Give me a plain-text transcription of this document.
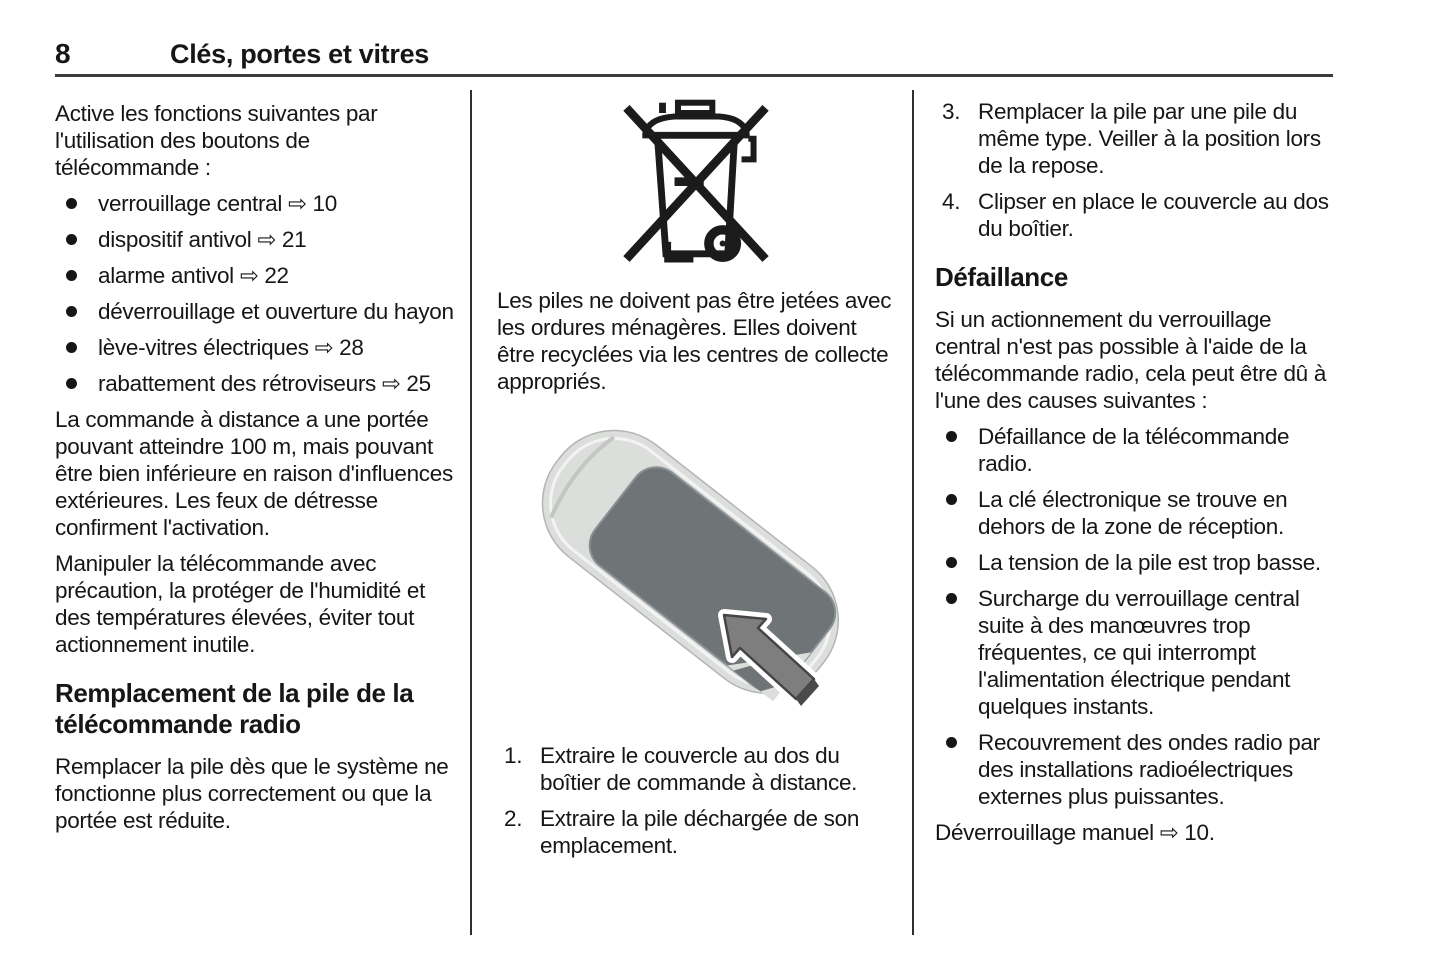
8	Clés, portes et vitres

Active les fonctions suivantes par l'utilisation des boutons de télécommande :

verrouillage central ⇨ 10
dispositif antivol ⇨ 21
alarme antivol ⇨ 22
déverrouillage et ouverture du hayon
lève-vitres électriques ⇨ 28
rabattement des rétroviseurs ⇨ 25

La commande à distance a une portée pouvant atteindre 100 m, mais pouvant être bien inférieure en raison d'influences extérieures. Les feux de détresse confirment l'activation.

Manipuler la télécommande avec précaution, la protéger de l'humidité et des températures élevées, éviter tout actionnement inutile.

Remplacement de la pile de la télécommande radio

Remplacer la pile dès que le système ne fonctionne plus correctement ou que la portée est réduite.

Les piles ne doivent pas être jetées avec les ordures ménagères. Elles doivent être recyclées via les centres de collecte appropriés.

1. Extraire le couvercle au dos du boîtier de commande à distance.
2. Extraire la pile déchargée de son emplacement.
3. Remplacer la pile par une pile du même type. Veiller à la position lors de la repose.
4. Clipser en place le couvercle au dos du boîtier.
Défaillance

Si un actionnement du verrouillage central n'est pas possible à l'aide de la télécommande radio, cela peut être dû à l'une des causes suivantes :

Défaillance de la télécommande radio.
La clé électronique se trouve en dehors de la zone de réception.
La tension de la pile est trop basse.
Surcharge du verrouillage central suite à des manœuvres trop fréquentes, ce qui interrompt l'alimentation électrique pendant quelques instants.
Recouvrement des ondes radio par des installations radioélectriques externes plus puissantes.

Déverrouillage manuel ⇨ 10.
